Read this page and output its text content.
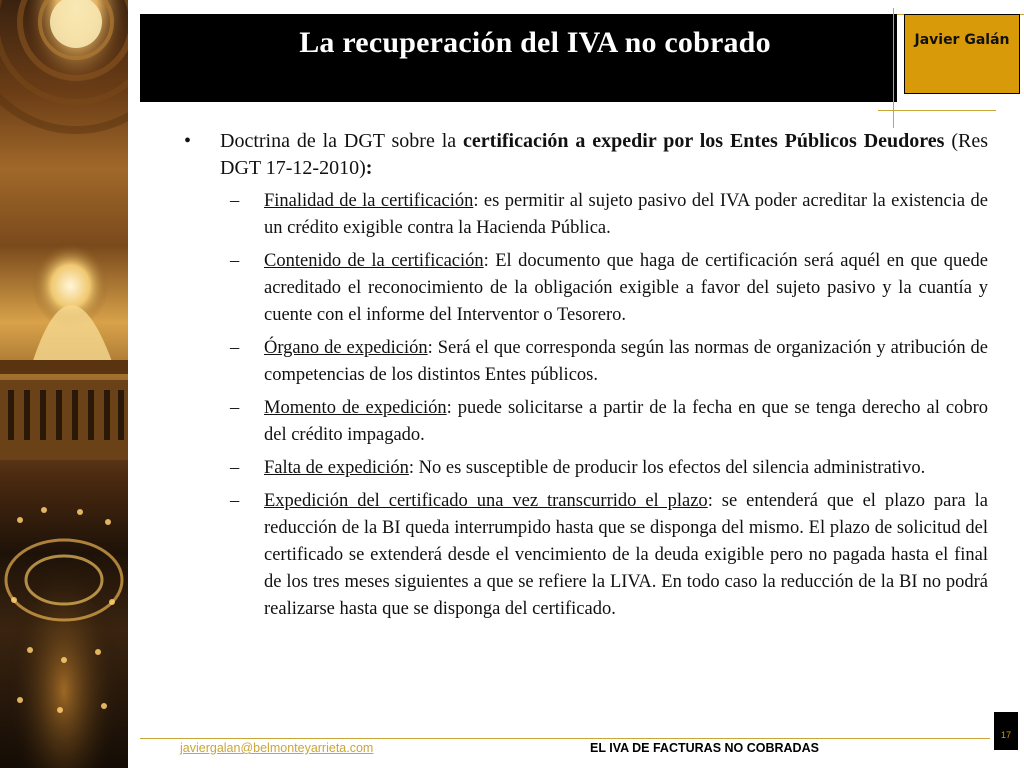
La recuperación del IVA no cobrado	Javier Galán
• Doctrina de la DGT sobre la certificación a expedir por los Entes Públicos Deudores (Res DGT 17-12-2010):
– Finalidad de la certificación: es permitir al sujeto pasivo del IVA poder acreditar la existencia de un crédito exigible contra la Hacienda Pública.
– Contenido de la certificación: El documento que haga de certificación será aquél en que quede acreditado el reconocimiento de la obligación exigible a favor del sujeto pasivo y la cuantía y cuente con el informe del Interventor o Tesorero.
– Órgano de expedición: Será el que corresponda según las normas de organización y atribución de competencias de los distintos Entes públicos.
– Momento de expedición: puede solicitarse a partir de la fecha en que se tenga derecho al cobro del crédito impagado.
– Falta de expedición: No es susceptible de producir los efectos del silencia administrativo.
– Expedición del certificado una vez transcurrido el plazo: se entenderá que el plazo para la reducción de la BI queda interrumpido hasta que se disponga del mismo. El plazo de solicitud del certificado se extenderá desde el vencimiento de la deuda exigible pero no pagada hasta el final de los tres meses siguientes a que se refiere la LIVA. En todo caso la reducción de la BI no podrá realizarse hasta que se disponga del certificado.
javiergalan@belmonteyarrieta.com	EL IVA DE FACTURAS NO COBRADAS
17
